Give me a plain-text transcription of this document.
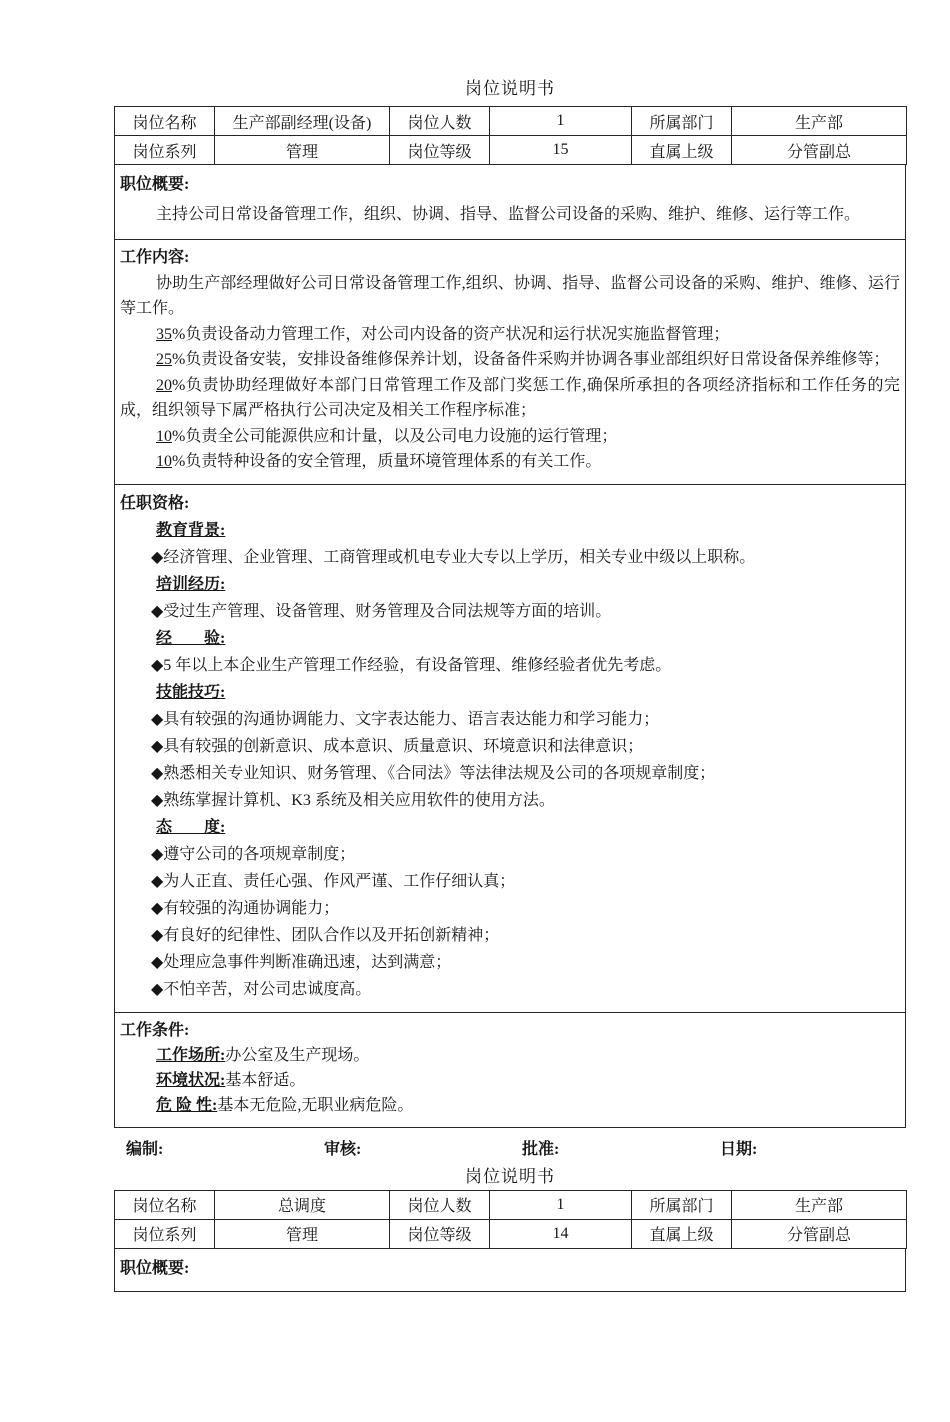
岗位说明书
岗位名称	生产部副经理(设备)	岗位人数	1	所属部门	生产部
岗位系列	管理	岗位等级	15	直属上级	分管副总

职位概要:

主持公司日常设备管理工作，组织、协调、指导、监督公司设备的采购、维护、维修、运行等工作。

工作内容:

协助生产部经理做好公司日常设备管理工作,组织、协调、指导、监督公司设备的采购、维护、维修、运行等工作。

35%负责设备动力管理工作，对公司内设备的资产状况和运行状况实施监督管理；

25%负责设备安装，安排设备维修保养计划，设备备件采购并协调各事业部组织好日常设备保养维修等；

20%负责协助经理做好本部门日常管理工作及部门奖惩工作,确保所承担的各项经济指标和工作任务的完成，组织领导下属严格执行公司决定及相关工作程序标准；

10%负责全公司能源供应和计量，以及公司电力设施的运行管理；

10%负责特种设备的安全管理，质量环境管理体系的有关工作。

任职资格:

教育背景:

◆经济管理、企业管理、工商管理或机电专业大专以上学历，相关专业中级以上职称。

培训经历:

◆受过生产管理、设备管理、财务管理及合同法规等方面的培训。

经　　验:

◆5 年以上本企业生产管理工作经验，有设备管理、维修经验者优先考虑。

技能技巧:

◆具有较强的沟通协调能力、文字表达能力、语言表达能力和学习能力；

◆具有较强的创新意识、成本意识、质量意识、环境意识和法律意识；

◆熟悉相关专业知识、财务管理、《合同法》等法律法规及公司的各项规章制度；

◆熟练掌握计算机、K3 系统及相关应用软件的使用方法。

态　　度:

◆遵守公司的各项规章制度；

◆为人正直、责任心强、作风严谨、工作仔细认真；

◆有较强的沟通协调能力；

◆有良好的纪律性、团队合作以及开拓创新精神；

◆处理应急事件判断准确迅速，达到满意；

◆不怕辛苦，对公司忠诚度高。

工作条件:

工作场所:办公室及生产现场。

环境状况:基本舒适。

危 险 性:基本无危险,无职业病危险。

编制:	审核:	批准:	日期:
岗位说明书
岗位名称	总调度	岗位人数	1	所属部门	生产部
岗位系列	管理	岗位等级	14	直属上级	分管副总

职位概要:
